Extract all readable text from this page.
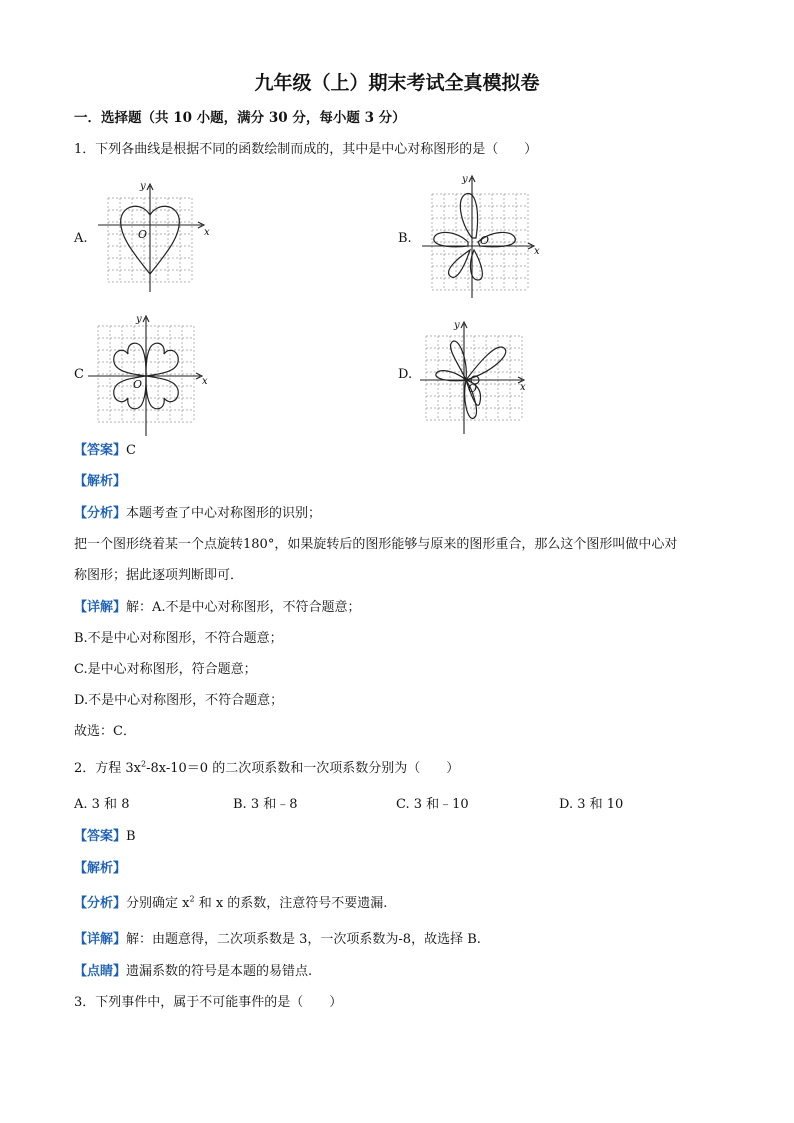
九年级（上）期末考试全真模拟卷
一．选择题（共 10 小题，满分 30 分，每小题 3 分）
1．下列各曲线是根据不同的函数绘制而成的，其中是中心对称图形的是（　　）
A.	B.
C	D.
x
y
O
x
y
O
x
y
O	x
y
O
【答案】C
【解析】
【分析】本题考查了中心对称图形的识别；
把一个图形绕着某一个点旋转180°，如果旋转后的图形能够与原来的图形重合，那么这个图形叫做中心对
称图形；据此逐项判断即可．
【详解】解：A.不是中心对称图形，不符合题意；
B.不是中心对称图形，不符合题意；
C.是中心对称图形，符合题意；
D.不是中心对称图形，不符合题意；
故选：C．
2．方程 $3x^2-8x-10=0$ 的二次项系数和一次项系数分别为（　　）
A. 3 和 8	B. 3 和﹣8	C. 3 和﹣10	D. 3 和 10
【答案】B
【解析】
【分析】分别确定 $x^2$ 和 x 的系数，注意符号不要遗漏.
【详解】解：由题意得，二次项系数是 3，一次项系数为-8，故选择 B.
【点睛】遗漏系数的符号是本题的易错点.
3．下列事件中，属于不可能事件的是（　　）
